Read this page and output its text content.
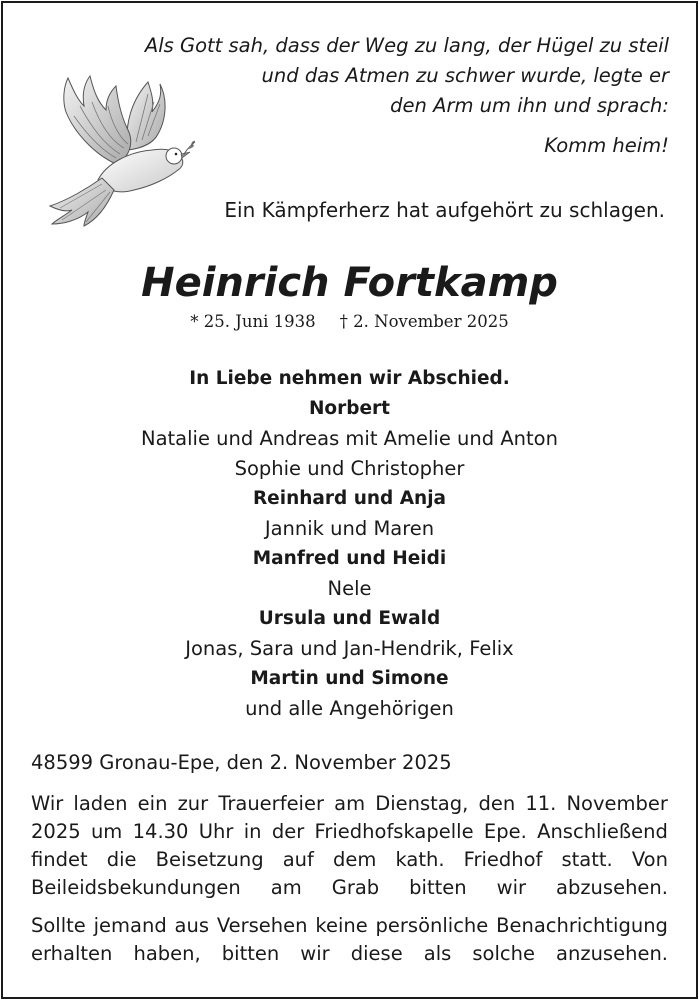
Als Gott sah, dass der Weg zu lang, der Hügel zu steil
und das Atmen zu schwer wurde, legte er
den Arm um ihn und sprach:
Komm heim!
Ein Kämpferherz hat aufgehört zu schlagen.
Heinrich Fortkamp
* 25. Juni 1938 † 2. November 2025
In Liebe nehmen wir Abschied.
Norbert
Natalie und Andreas mit Amelie und Anton
Sophie und Christopher
Reinhard und Anja
Jannik und Maren
Manfred und Heidi
Nele
Ursula und Ewald
Jonas, Sara und Jan-Hendrik, Felix
Martin und Simone
und alle Angehörigen
48599 Gronau-Epe, den 2. November 2025
Wir laden ein zur Trauerfeier am Dienstag, den 11. November
2025 um 14.30 Uhr in der Friedhofskapelle Epe. Anschließend
findet die Beisetzung auf dem kath. Friedhof statt. Von
Beileidsbekundungen am Grab bitten wir abzusehen.
Sollte jemand aus Versehen keine persönliche Benachrichtigung
erhalten haben, bitten wir diese als solche anzusehen.
